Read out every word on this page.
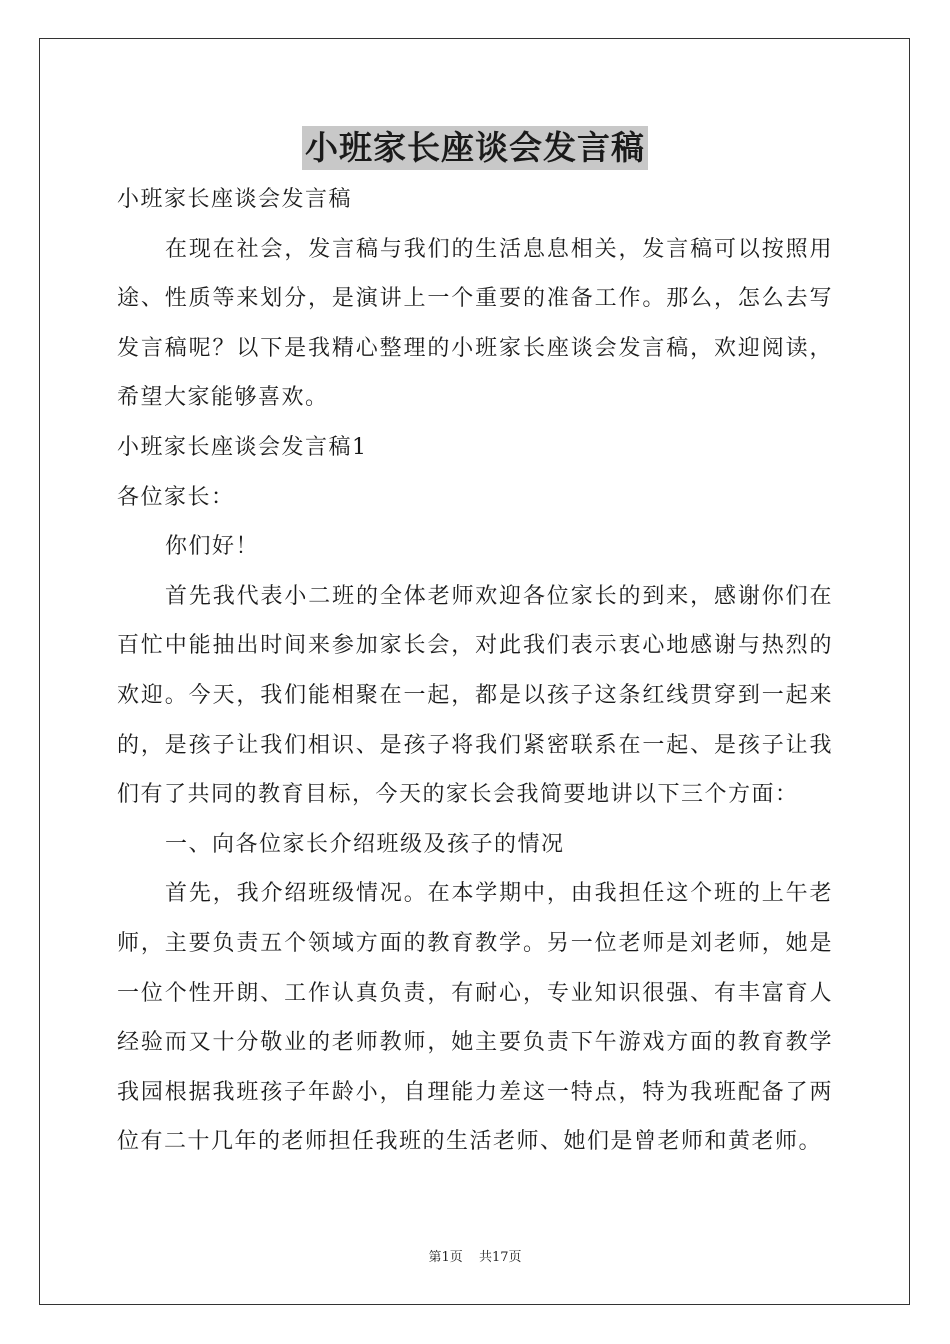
小班家长座谈会发言稿

小班家长座谈会发言稿

在现在社会，发言稿与我们的生活息息相关，发言稿可以按照用途、性质等来划分，是演讲上一个重要的准备工作。那么，怎么去写发言稿呢？以下是我精心整理的小班家长座谈会发言稿，欢迎阅读，希望大家能够喜欢。

小班家长座谈会发言稿1

各位家长：

你们好！

首先我代表小二班的全体老师欢迎各位家长的到来，感谢你们在百忙中能抽出时间来参加家长会，对此我们表示衷心地感谢与热烈的欢迎。今天，我们能相聚在一起，都是以孩子这条红线贯穿到一起来的，是孩子让我们相识、是孩子将我们紧密联系在一起、是孩子让我们有了共同的教育目标，今天的家长会我简要地讲以下三个方面：

一、向各位家长介绍班级及孩子的情况

首先，我介绍班级情况。在本学期中，由我担任这个班的上午老师，主要负责五个领域方面的教育教学。另一位老师是刘老师，她是一位个性开朗、工作认真负责，有耐心，专业知识很强、有丰富育人经验而又十分敬业的老师教师，她主要负责下午游戏方面的教育教学我园根据我班孩子年龄小，自理能力差这一特点，特为我班配备了两位有二十几年的老师担任我班的生活老师、她们是曾老师和黄老师。

第1页 共17页
